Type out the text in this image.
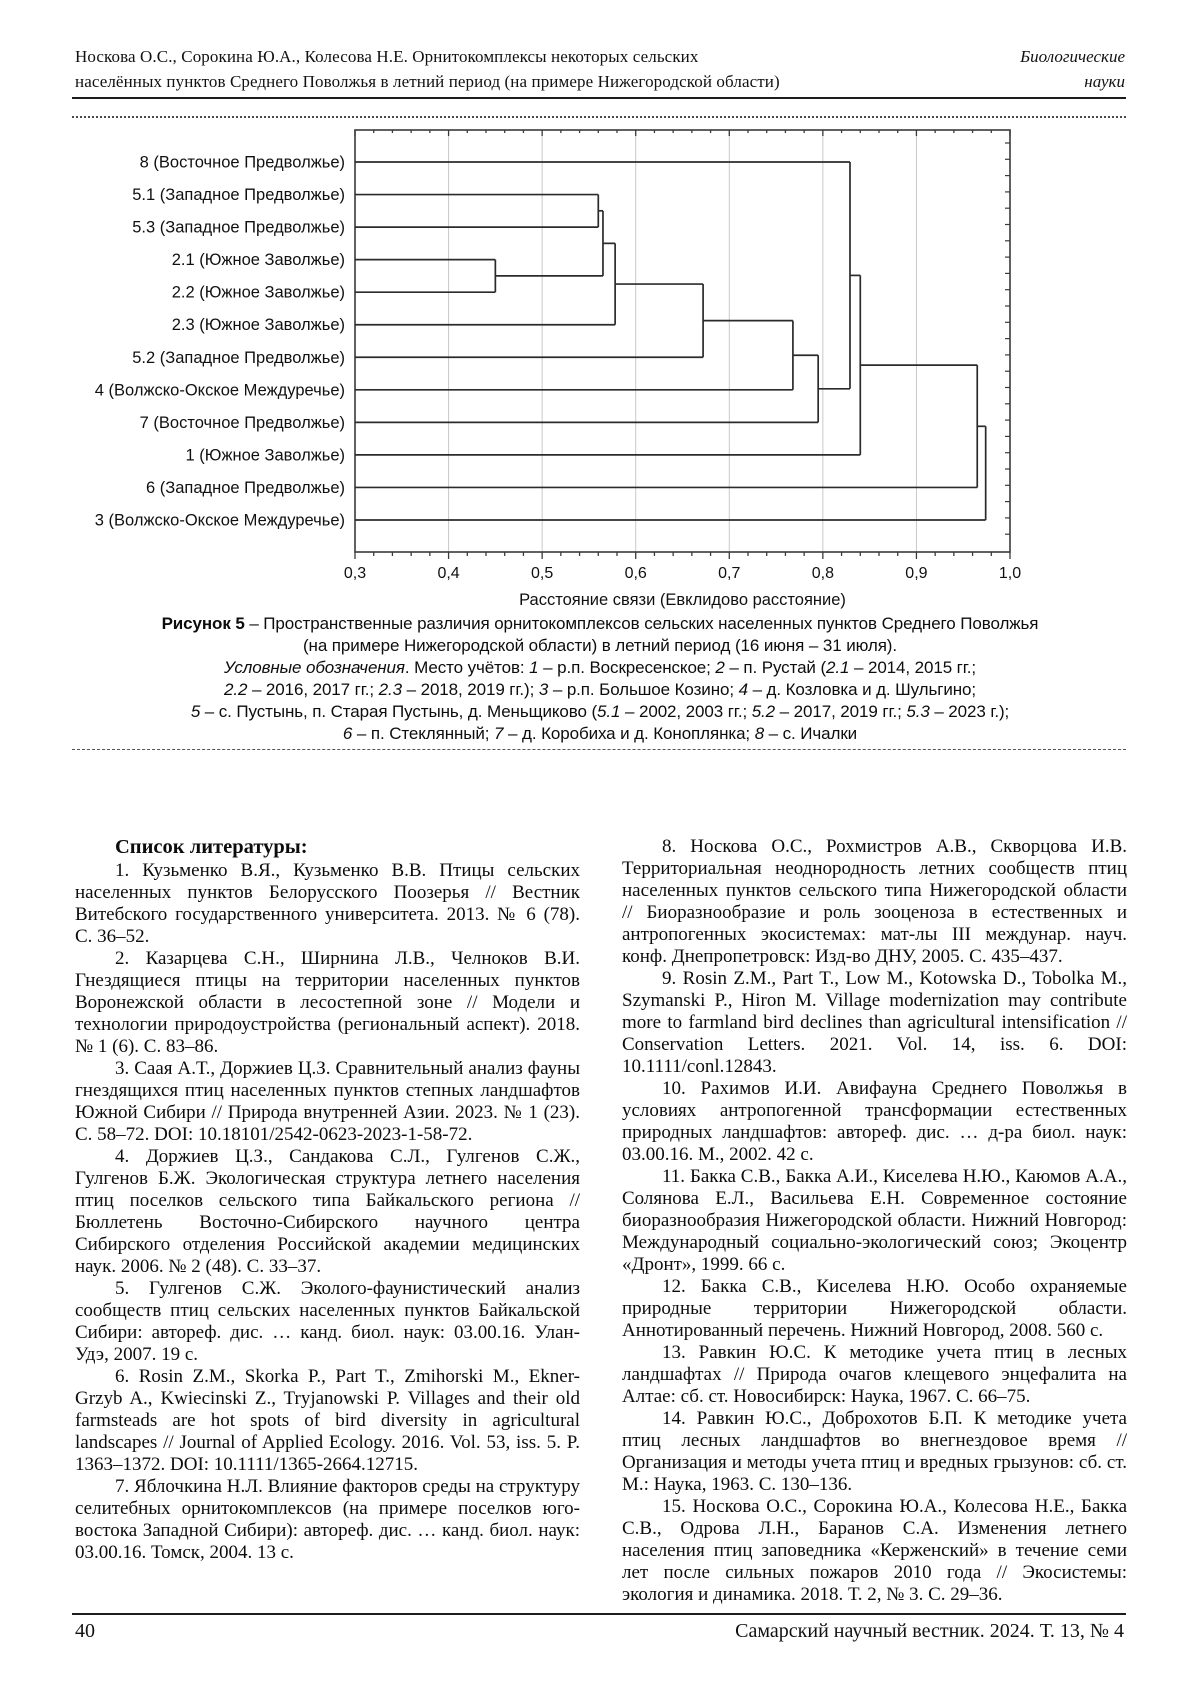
Носкова О.С., Сорокина Ю.А., Колесова Н.Е. Орнитокомплексы некоторых сельских
населённых пунктов Среднего Поволжья в летний период (на примере Нижегородской области)
Биологические
науки
0,3	0,4	0,5	0,6	0,7	0,8	0,9	1,0
Расстояние связи (Евклидово расстояние)
8 (Восточное Предволжье)
5.1 (Западное Предволжье)
5.3 (Западное Предволжье)
2.1 (Южное Заволжье)
2.2 (Южное Заволжье)
2.3 (Южное Заволжье)
5.2 (Западное Предволжье)
4 (Волжско-Окское Междуречье)
7 (Восточное Предволжье)
1 (Южное Заволжье)
6 (Западное Предволжье)
3 (Волжско-Окское Междуречье)
Рисунок 5 – Пространственные различия орнитокомплексов сельских населенных пунктов Среднего Поволжья
(на примере Нижегородской области) в летний период (16 июня – 31 июля).
Условные обозначения. Место учётов: 1 – р.п. Воскресенское; 2 – п. Рустай (2.1 – 2014, 2015 гг.;
2.2 – 2016, 2017 гг.; 2.3 – 2018, 2019 гг.); 3 – р.п. Большое Козино; 4 – д. Козловка и д. Шульгино;
5 – с. Пустынь, п. Старая Пустынь, д. Меньщиково (5.1 – 2002, 2003 гг.; 5.2 – 2017, 2019 гг.; 5.3 – 2023 г.);
6 – п. Стеклянный; 7 – д. Коробиха и д. Коноплянка; 8 – с. Ичалки

Список литературы:

1. Кузьменко В.Я., Кузьменко В.В. Птицы сельских населенных пунктов Белорусского Поозерья // Вестник Витебского государственного университета. 2013. № 6 (78). С. 36–52.

2. Казарцева С.Н., Ширнина Л.В., Челноков В.И. Гнездящиеся птицы на территории населенных пунктов Воронежской области в лесостепной зоне // Модели и технологии природоустройства (региональный аспект). 2018. № 1 (6). С. 83–86.

3. Саая А.Т., Доржиев Ц.З. Сравнительный анализ фауны гнездящихся птиц населенных пунктов степных ландшафтов Южной Сибири // Природа внутренней Азии. 2023. № 1 (23). С. 58–72. DOI: 10.18101/2542-0623-2023-1-58-72.

4. Доржиев Ц.З., Сандакова С.Л., Гулгенов С.Ж., Гулгенов Б.Ж. Экологическая структура летнего населения птиц поселков сельского типа Байкальского региона // Бюллетень Восточно-Сибирского научного центра Сибирского отделения Российской академии медицинских наук. 2006. № 2 (48). С. 33–37.

5. Гулгенов С.Ж. Эколого-фаунистический анализ сообществ птиц сельских населенных пунктов Байкальской Сибири: автореф. дис. … канд. биол. наук: 03.00.16. Улан-Удэ, 2007. 19 с.

6. Rosin Z.M., Skorka P., Part T., Zmihorski M., Ekner-Grzyb A., Kwiecinski Z., Tryjanowski P. Villages and their old farmsteads are hot spots of bird diversity in agricultural landscapes // Journal of Applied Ecology. 2016. Vol. 53, iss. 5. P. 1363–1372. DOI: 10.1111/1365-2664.12715.

7. Яблочкина Н.Л. Влияние факторов среды на структуру селитебных орнитокомплексов (на примере поселков юго-востока Западной Сибири): автореф. дис. … канд. биол. наук: 03.00.16. Томск, 2004. 13 с.

8. Носкова О.С., Рохмистров А.В., Скворцова И.В. Территориальная неоднородность летних сообществ птиц населенных пунктов сельского типа Нижегородской области // Биоразнообразие и роль зооценоза в естественных и антропогенных экосистемах: мат-лы III междунар. науч. конф. Днепропетровск: Изд-во ДНУ, 2005. С. 435–437.

9. Rosin Z.M., Part T., Low M., Kotowska D., Tobolka M., Szymanski P., Hiron M. Village modernization may contribute more to farmland bird declines than agricultural intensification // Conservation Letters. 2021. Vol. 14, iss. 6. DOI: 10.1111/conl.12843.

10. Рахимов И.И. Авифауна Среднего Поволжья в условиях антропогенной трансформации естественных природных ландшафтов: автореф. дис. … д-ра биол. наук: 03.00.16. М., 2002. 42 с.

11. Бакка С.В., Бакка А.И., Киселева Н.Ю., Каюмов А.А., Солянова Е.Л., Васильева Е.Н. Современное состояние биоразнообразия Нижегородской области. Нижний Новгород: Международный социально-экологический союз; Экоцентр «Дронт», 1999. 66 с.

12. Бакка С.В., Киселева Н.Ю. Особо охраняемые природные территории Нижегородской области. Аннотированный перечень. Нижний Новгород, 2008. 560 с.

13. Равкин Ю.С. К методике учета птиц в лесных ландшафтах // Природа очагов клещевого энцефалита на Алтае: сб. ст. Новосибирск: Наука, 1967. С. 66–75.

14. Равкин Ю.С., Доброхотов Б.П. К методике учета птиц лесных ландшафтов во внегнездовое время // Организация и методы учета птиц и вредных грызунов: сб. ст. М.: Наука, 1963. С. 130–136.

15. Носкова О.С., Сорокина Ю.А., Колесова Н.Е., Бакка С.В., Одрова Л.Н., Баранов С.А. Изменения летнего населения птиц заповедника «Керженский» в течение семи лет после сильных пожаров 2010 года // Экосистемы: экология и динамика. 2018. Т. 2, № 3. С. 29–36.

40	Самарский научный вестник. 2024. Т. 13, № 4
